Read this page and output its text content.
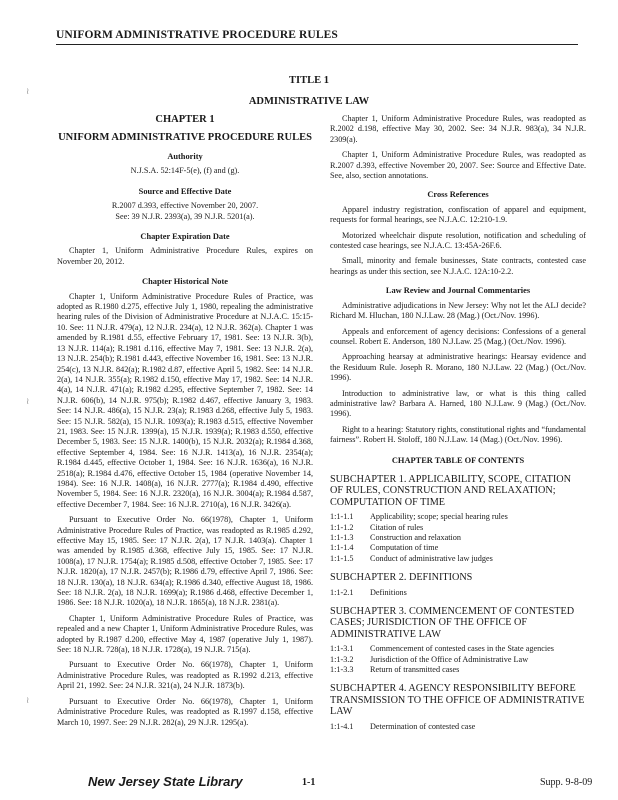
UNIFORM ADMINISTRATIVE PROCEDURE RULES
TITLE 1
ADMINISTRATIVE LAW
≀
≀
≀
CHAPTER 1
UNIFORM ADMINISTRATIVE PROCEDURE RULES
Authority

N.J.S.A. 52:14F-5(e), (f) and (g).

Source and Effective Date

R.2007 d.393, effective November 20, 2007.

See: 39 N.J.R. 2393(a), 39 N.J.R. 5201(a).

Chapter Expiration Date

Chapter 1, Uniform Administrative Procedure Rules, expires on November 20, 2012.

Chapter Historical Note

Chapter 1, Uniform Administrative Procedure Rules of Practice, was adopted as R.1980 d.275, effective July 1, 1980, repealing the administrative hearing rules of the Division of Administrative Procedure at N.J.A.C. 15:15-10. See: 11 N.J.R. 479(a), 12 N.J.R. 234(a), 12 N.J.R. 362(a). Chapter 1 was amended by R.1981 d.55, effective February 17, 1981. See: 13 N.J.R. 3(b), 13 N.J.R. 114(a); R.1981 d.116, effective May 7, 1981. See: 13 N.J.R. 2(a), 13 N.J.R. 254(b); R.1981 d.443, effective November 16, 1981. See: 13 N.J.R. 254(c), 13 N.J.R. 842(a); R.1982 d.87, effective April 5, 1982. See: 14 N.J.R. 2(a), 14 N.J.R. 355(a); R.1982 d.150, effective May 17, 1982. See: 14 N.J.R. 4(a), 14 N.J.R. 471(a); R.1982 d.295, effective September 7, 1982. See: 14 N.J.R. 606(b), 14 N.J.R. 975(b); R.1982 d.467, effective January 3, 1983. See: 14 N.J.R. 486(a), 15 N.J.R. 23(a); R.1983 d.268, effective July 5, 1983. See: 15 N.J.R. 582(a), 15 N.J.R. 1093(a); R.1983 d.515, effective November 21, 1983. See: 15 N.J.R. 1399(a), 15 N.J.R. 1939(a); R.1983 d.550, effective December 5, 1983. See: 15 N.J.R. 1400(b), 15 N.J.R. 2032(a); R.1984 d.368, effective September 4, 1984. See: 16 N.J.R. 1413(a), 16 N.J.R. 2354(a); R.1984 d.445, effective October 1, 1984. See: 16 N.J.R. 1636(a), 16 N.J.R. 2518(a); R.1984 d.476, effective October 15, 1984 (operative November 14, 1984). See: 16 N.J.R. 1408(a), 16 N.J.R. 2777(a); R.1984 d.490, effective November 5, 1984. See: 16 N.J.R. 2320(a), 16 N.J.R. 3004(a); R.1984 d.587, effective December 7, 1984. See: 16 N.J.R. 2710(a), 16 N.J.R. 3426(a).

Pursuant to Executive Order No. 66(1978), Chapter 1, Uniform Administrative Procedure Rules of Practice, was readopted as R.1985 d.292, effective May 15, 1985. See: 17 N.J.R. 2(a), 17 N.J.R. 1403(a). Chapter 1 was amended by R.1985 d.368, effective July 15, 1985. See: 17 N.J.R. 1008(a), 17 N.J.R. 1754(a); R.1985 d.508, effective October 7, 1985. See: 17 N.J.R. 1820(a), 17 N.J.R. 2457(b); R.1986 d.79, effective April 7, 1986. See: 18 N.J.R. 130(a), 18 N.J.R. 634(a); R.1986 d.340, effective August 18, 1986. See: 18 N.J.R. 2(a), 18 N.J.R. 1699(a); R.1986 d.468, effective December 1, 1986. See: 18 N.J.R. 1020(a), 18 N.J.R. 1865(a), 18 N.J.R. 2381(a).

Chapter 1, Uniform Administrative Procedure Rules of Practice, was repealed and a new Chapter 1, Uniform Administrative Procedure Rules, was adopted by R.1987 d.200, effective May 4, 1987 (operative July 1, 1987). See: 18 N.J.R. 728(a), 18 N.J.R. 1728(a), 19 N.J.R. 715(a).

Pursuant to Executive Order No. 66(1978), Chapter 1, Uniform Administrative Procedure Rules, was readopted as R.1992 d.213, effective April 21, 1992. See: 24 N.J.R. 321(a), 24 N.J.R. 1873(b).

Pursuant to Executive Order No. 66(1978), Chapter 1, Uniform Administrative Procedure Rules, was readopted as R.1997 d.158, effective March 10, 1997. See: 29 N.J.R. 282(a), 29 N.J.R. 1295(a).

Chapter 1, Uniform Administrative Procedure Rules, was readopted as R.2002 d.198, effective May 30, 2002. See: 34 N.J.R. 983(a), 34 N.J.R. 2309(a).

Chapter 1, Uniform Administrative Procedure Rules, was readopted as R.2007 d.393, effective November 20, 2007. See: Source and Effective Date. See, also, section annotations.

Cross References

Apparel industry registration, confiscation of apparel and equipment, requests for formal hearings, see N.J.A.C. 12:210-1.9.

Motorized wheelchair dispute resolution, notification and scheduling of contested case hearings, see N.J.A.C. 13:45A-26F.6.

Small, minority and female businesses, State contracts, contested case hearings as under this section, see N.J.A.C. 12A:10-2.2.

Law Review and Journal Commentaries

Administrative adjudications in New Jersey: Why not let the ALJ decide? Richard M. Hluchan, 180 N.J.Law. 28 (Mag.) (Oct./Nov. 1996).

Appeals and enforcement of agency decisions: Confessions of a general counsel. Robert E. Anderson, 180 N.J.Law. 25 (Mag.) (Oct./Nov. 1996).

Approaching hearsay at administrative hearings: Hearsay evidence and the Residuum Rule. Joseph R. Morano, 180 N.J.Law. 22 (Mag.) (Oct./Nov. 1996).

Introduction to administrative law, or what is this thing called administrative law? Barbara A. Harned, 180 N.J.Law. 9 (Mag.) (Oct./Nov. 1996).

Right to a hearing: Statutory rights, constitutional rights and “fundamental fairness”. Robert H. Stoloff, 180 N.J.Law. 14 (Mag.) (Oct./Nov. 1996).

CHAPTER TABLE OF CONTENTS
SUBCHAPTER 1. APPLICABILITY, SCOPE, CITATION OF RULES, CONSTRUCTION AND RELAXATION; COMPUTATION OF TIME
1:1-1.1	Applicability; scope; special hearing rules
1:1-1.2	Citation of rules
1:1-1.3	Construction and relaxation
1:1-1.4	Computation of time
1:1-1.5	Conduct of administrative law judges
SUBCHAPTER 2. DEFINITIONS
1:1-2.1	Definitions
SUBCHAPTER 3. COMMENCEMENT OF CONTESTED CASES; JURISDICTION OF THE OFFICE OF ADMINISTRATIVE LAW
1:1-3.1	Commencement of contested cases in the State agencies
1:1-3.2	Jurisdiction of the Office of Administrative Law
1:1-3.3	Return of transmitted cases
SUBCHAPTER 4. AGENCY RESPONSIBILITY BEFORE TRANSMISSION TO THE OFFICE OF ADMINISTRATIVE LAW
1:1-4.1	Determination of contested case
New Jersey State Library	1-1	Supp. 9-8-09
